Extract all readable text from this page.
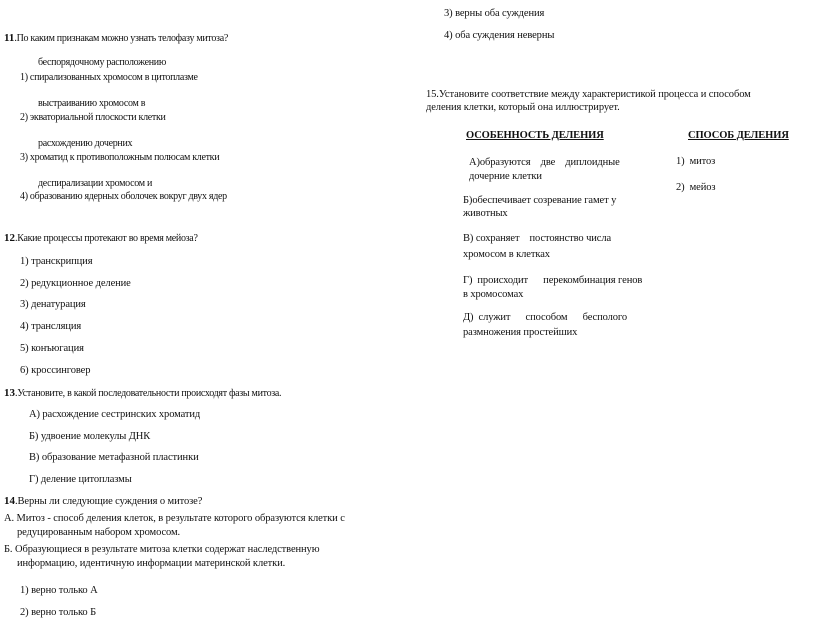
11.По каким признакам можно узнать телофазу митоза?
беспорядочному расположению
1) спирализованных хромосом в цитоплазме
выстраиванию хромосом в
2) экваториальной плоскости клетки
расхождению дочерних
3) хроматид к противоположным полюсам клетки
деспирализации хромосом и
4) образованию ядерных оболочек вокруг двух ядер
12.Какие процессы протекают во время мейоза?
1) транскрипция
2) редукционное деление
3) денатурация
4) трансляция
5) конъюгация
6) кроссинговер
13.Установите, в какой последовательности происходят фазы митоза.
А) расхождение сестринских хроматид
Б) удвоение молекулы ДНК
В) образование метафазной пластинки
Г) деление цитоплазмы
14.Верны ли следующие суждения о митозе?
А. Митоз - способ деления клеток, в результате которого образуются клетки с
редуцированным набором хромосом.
Б. Образующиеся в результате митоза клетки содержат наследственную
информацию, идентичную информации материнской клетки.
1) верно только А
2) верно только Б
3) верны оба суждения
4) оба суждения неверны
15.Установите соответствие между характеристикой процесса и способом
деления клетки, который она иллюстрирует.
ОСОБЕННОСТЬ ДЕЛЕНИЯ	СПОСОБ ДЕЛЕНИЯ
А)образуются    две    диплоидные
дочерние клетки
Б)обеспечивает созревание гамет у
животных
В) сохраняет    постоянство числа
хромосом в клетках
Г)  происходит      перекомбинация генов
в хромосомах
Д)  служит      способом      бесполого
размножения простейших
1)  митоз
2)  мейоз
